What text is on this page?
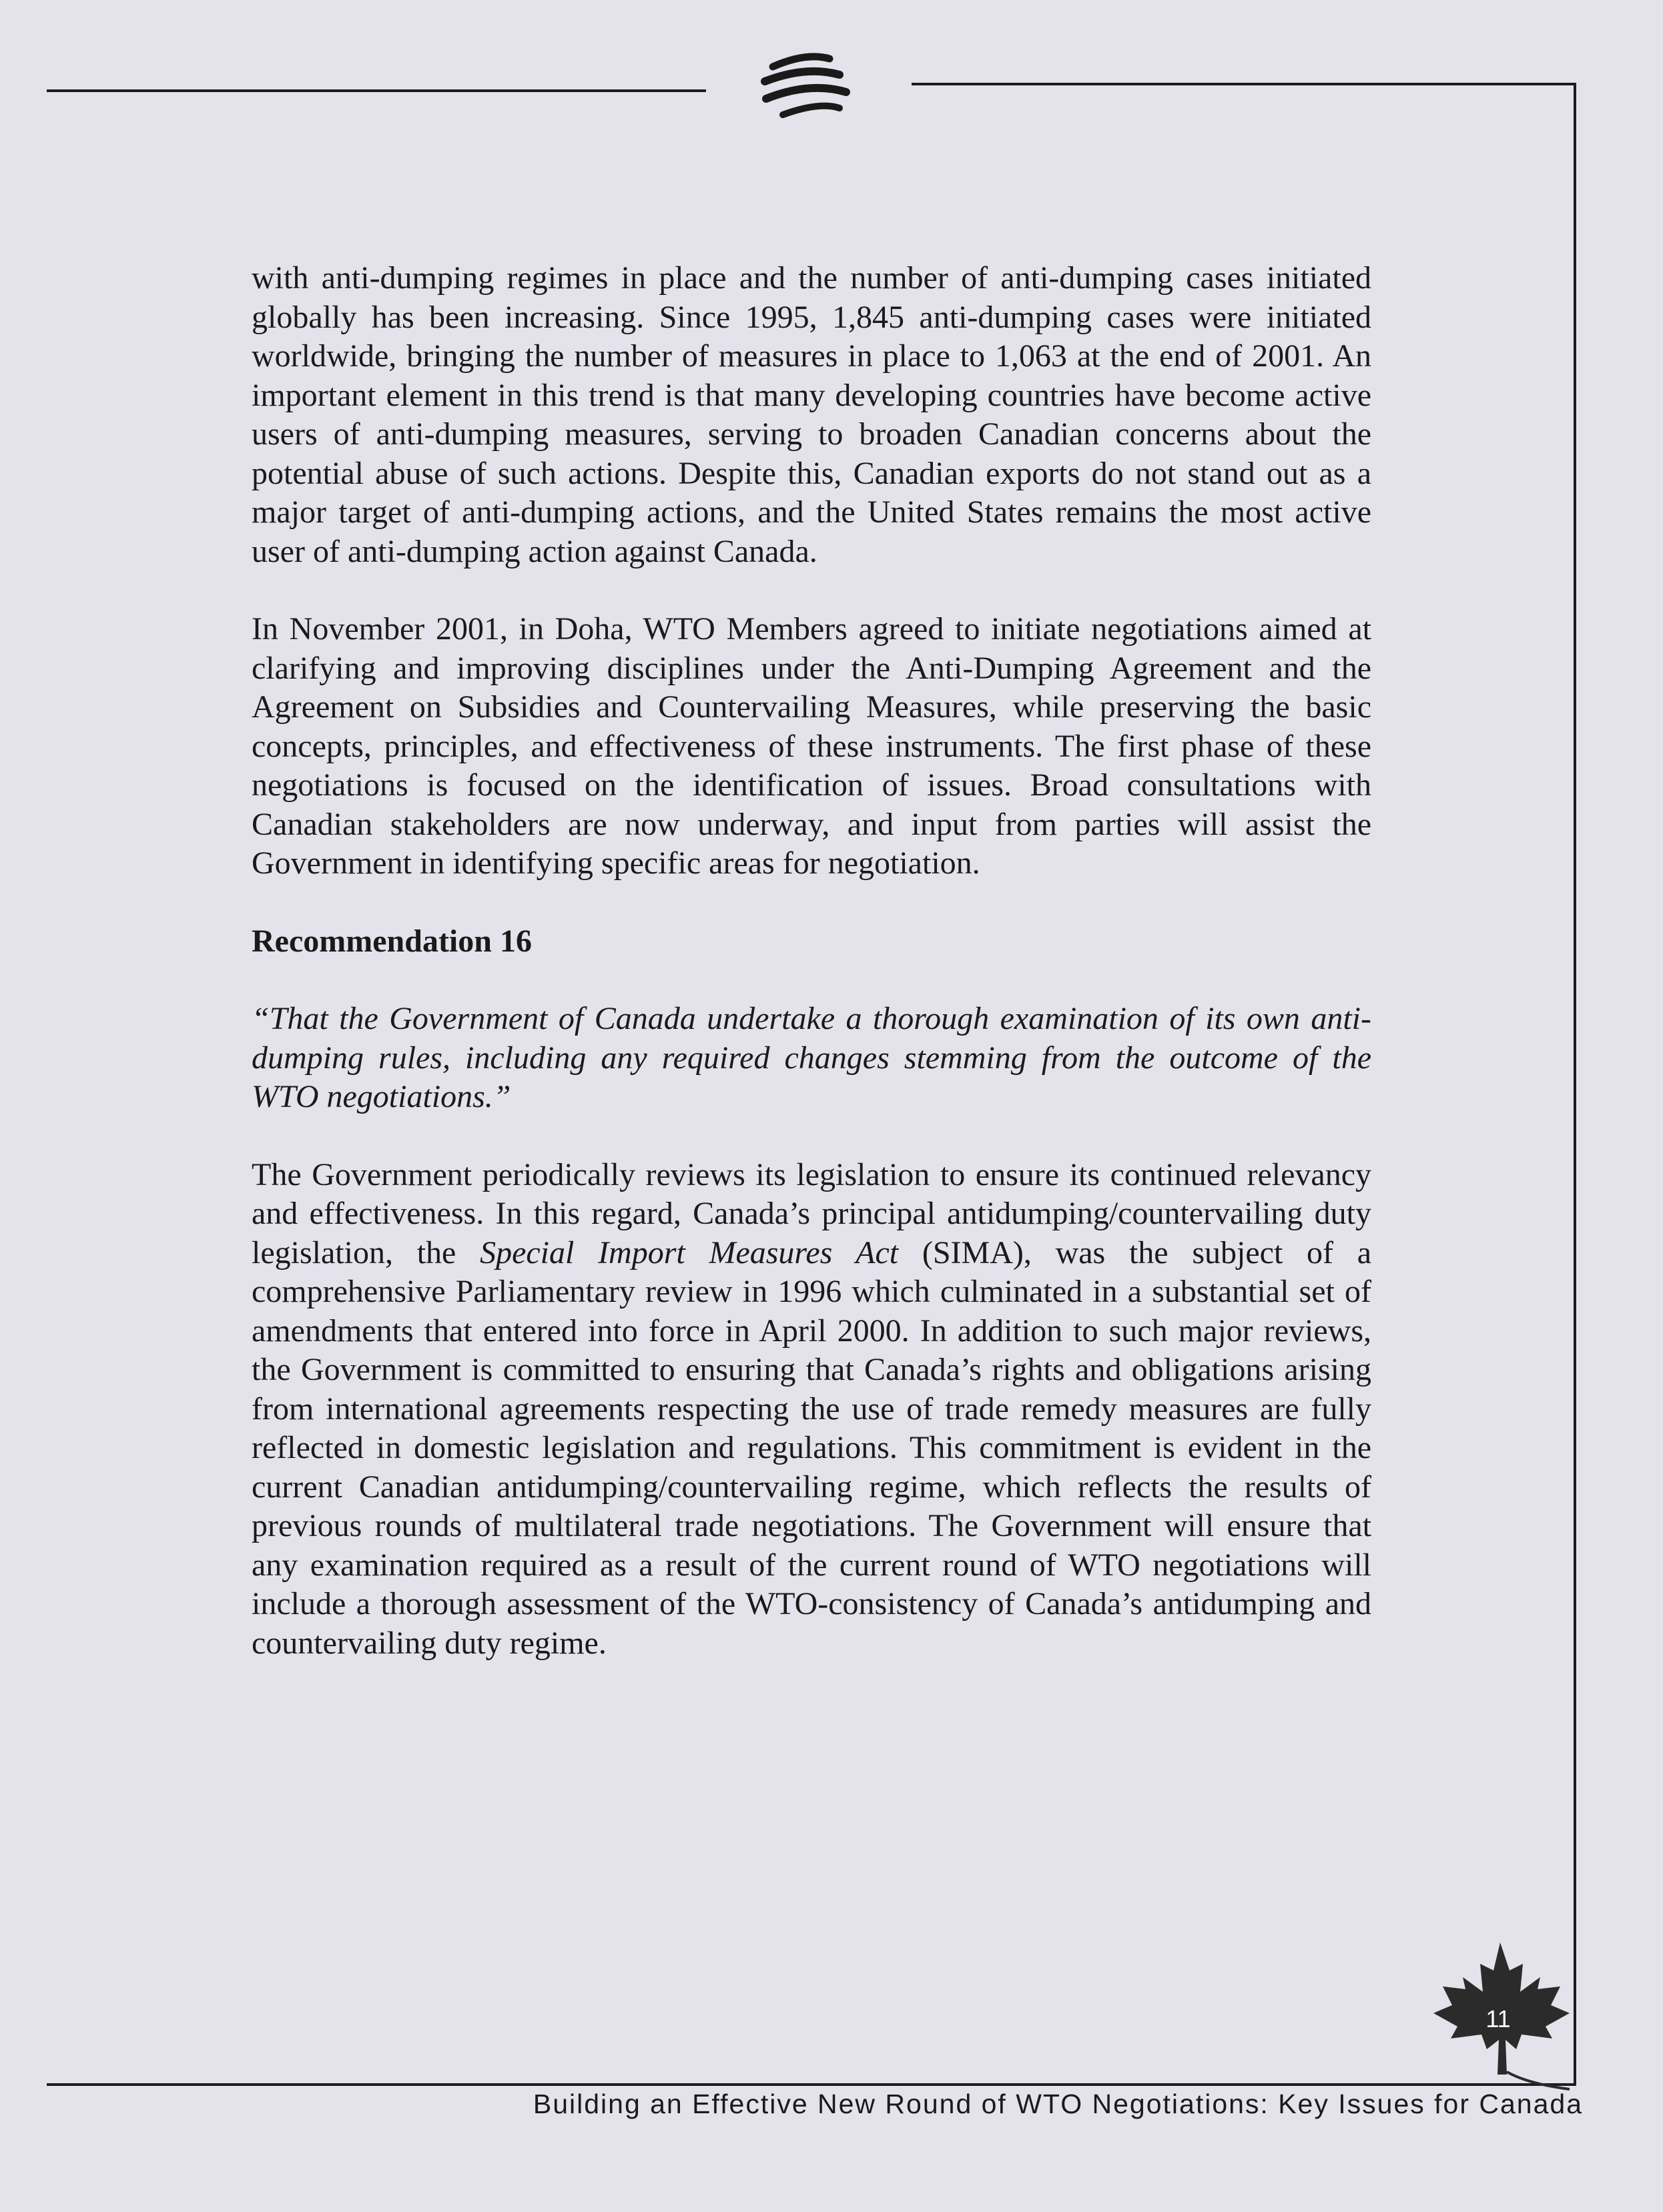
with anti-dumping regimes in place and the number of anti-dumping cases initiated globally has been increasing. Since 1995, 1,845 anti-dumping cases were initiated worldwide, bringing the number of measures in place to 1,063 at the end of 2001. An important element in this trend is that many developing countries have become active users of anti-dumping measures, serving to broaden Canadian concerns about the potential abuse of such actions. Despite this, Canadian exports do not stand out as a major target of anti-dumping actions, and the United States remains the most active user of anti-dumping action against Canada.

In November 2001, in Doha, WTO Members agreed to initiate negotiations aimed at clarifying and improving disciplines under the Anti-Dumping Agreement and the Agreement on Subsidies and Countervailing Measures, while preserving the basic concepts, principles, and effectiveness of these instruments. The first phase of these negotiations is focused on the identification of issues. Broad consultations with Canadian stakeholders are now underway, and input from parties will assist the Government in identifying specific areas for negotiation.

Recommendation 16

“That the Government of Canada undertake a thorough examination of its own anti-dumping rules, including any required changes stemming from the outcome of the WTO negotiations.”

The Government periodically reviews its legislation to ensure its continued relevancy and effectiveness. In this regard, Canada’s principal antidumping/countervailing duty legislation, the Special Import Measures Act (SIMA), was the subject of a comprehensive Parliamentary review in 1996 which culminated in a substantial set of amendments that entered into force in April 2000. In addition to such major reviews, the Government is committed to ensuring that Canada’s rights and obligations arising from international agreements respecting the use of trade remedy measures are fully reflected in domestic legislation and regulations. This commitment is evident in the current Canadian antidumping/countervailing regime, which reflects the results of previous rounds of multilateral trade negotiations. The Government will ensure that any examination required as a result of the current round of WTO negotiations will include a thorough assessment of the WTO-consistency of Canada’s antidumping and countervailing duty regime.

11
Building an Effective New Round of WTO Negotiations: Key Issues for Canada
